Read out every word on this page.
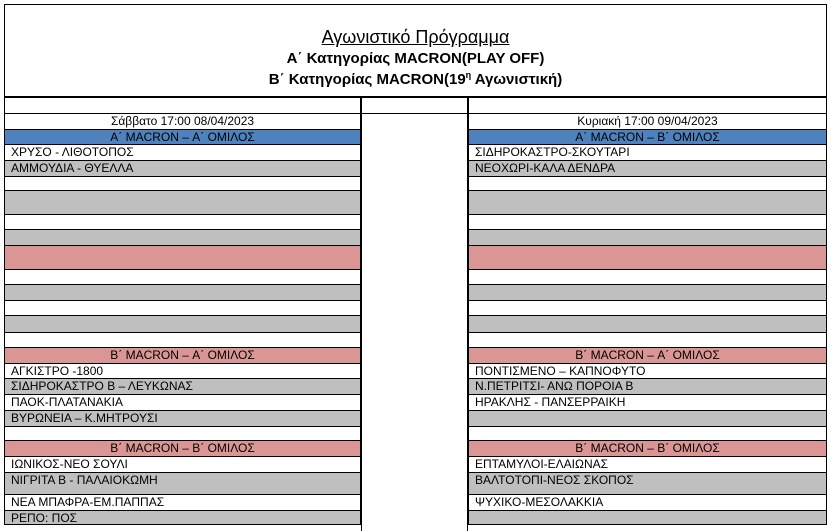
Αγωνιστικό Πρόγραμμα
Α΄ Κατηγορίας MACRON(PLAY OFF)
Β΄ Κατηγορίας $MACRON(19^\eta$ Αγωνιστική)
Σάββατο 17:00 08/04/2023
Α΄ MACRON – Α΄ ΟΜΙΛΟΣ
ΧΡΥΣΟ - ΛΙΘΟΤΟΠΟΣ
ΑΜΜΟΥΔΙΑ - ΘΥΕΛΛΑ
Β΄ MACRON – Α΄ ΟΜΙΛΟΣ
ΑΓΚΙΣΤΡΟ -1800
ΣΙΔΗΡΟΚΑΣΤΡΟ Β – ΛΕΥΚΩΝΑΣ
ΠΑΟΚ-ΠΛΑΤΑΝΑΚΙΑ
ΒΥΡΩΝΕΙΑ – Κ.ΜΗΤΡΟΥΣΙ
Β΄ MACRON – Β΄ ΟΜΙΛΟΣ
ΙΩΝΙΚΟΣ-ΝΕΟ ΣΟΥΛΙ
ΝΙΓΡΙΤΑ Β - ΠΑΛΑΙΟΚΩΜΗ
ΝΕΑ ΜΠΑΦΡΑ-ΕΜ.ΠΑΠΠΑΣ
ΡΕΠΟ: ΠΟΣ
Κυριακή 17:00 09/04/2023
Α΄ MACRON – Β΄ ΟΜΙΛΟΣ
ΣΙΔΗΡΟΚΑΣΤΡΟ-ΣΚΟΥΤΑΡΙ
ΝΕΟΧΩΡΙ-ΚΑΛΑ ΔΕΝΔΡΑ
Β΄ MACRON – Α΄ ΟΜΙΛΟΣ
ΠΟΝΤΙΣΜΕΝΟ – ΚΑΠΝΟΦΥΤΟ
Ν.ΠΕΤΡΙΤΣΙ- ΑΝΩ ΠΟΡΟΙΑ Β
ΗΡΑΚΛΗΣ - ΠΑΝΣΕΡΡΑΙΚΗ
Β΄ MACRON – Β΄ ΟΜΙΛΟΣ
ΕΠΤΑΜΥΛΟΙ-ΕΛΑΙΩΝΑΣ
ΒΑΛΤΟΤΟΠΙ-ΝΕΟΣ ΣΚΟΠΟΣ
ΨΥΧΙΚΟ-ΜΕΣΟΛΑΚΚΙΑ
